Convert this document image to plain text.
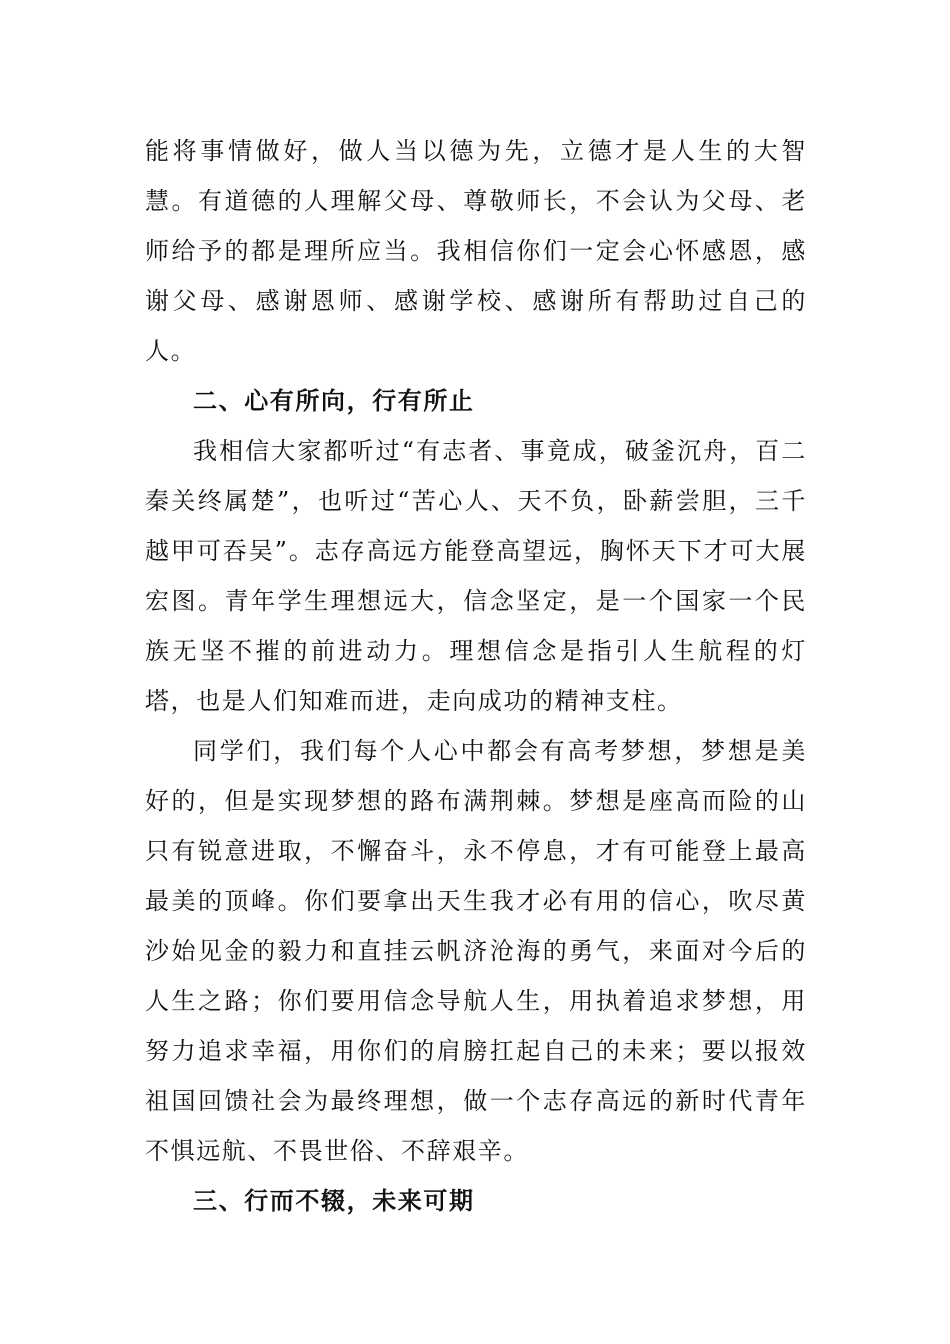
能将事情做好，做人当以德为先，立德才是人生的大智慧。有道德的人理解父母、尊敬师长，不会认为父母、老师给予的都是理所应当。我相信你们一定会心怀感恩，感谢父母、感谢恩师、感谢学校、感谢所有帮助过自己的人。

二、心有所向，行有所止

我相信大家都听过“有志者、事竟成，破釜沉舟，百二秦关终属楚”，也听过“苦心人、天不负，卧薪尝胆，三千越甲可吞吴”。志存高远方能登高望远，胸怀天下才可大展宏图。青年学生理想远大，信念坚定，是一个国家一个民族无坚不摧的前进动力。理想信念是指引人生航程的灯塔，也是人们知难而进，走向成功的精神支柱。

同学们，我们每个人心中都会有高考梦想，梦想是美好的，但是实现梦想的路布满荆棘。梦想是座高而险的山只有锐意进取，不懈奋斗，永不停息，才有可能登上最高最美的顶峰。你们要拿出天生我才必有用的信心，吹尽黄沙始见金的毅力和直挂云帆济沧海的勇气，来面对今后的人生之路；你们要用信念导航人生，用执着追求梦想，用努力追求幸福，用你们的肩膀扛起自己的未来；要以报效祖国回馈社会为最终理想，做一个志存高远的新时代青年不惧远航、不畏世俗、不辞艰辛。

三、行而不辍，未来可期
